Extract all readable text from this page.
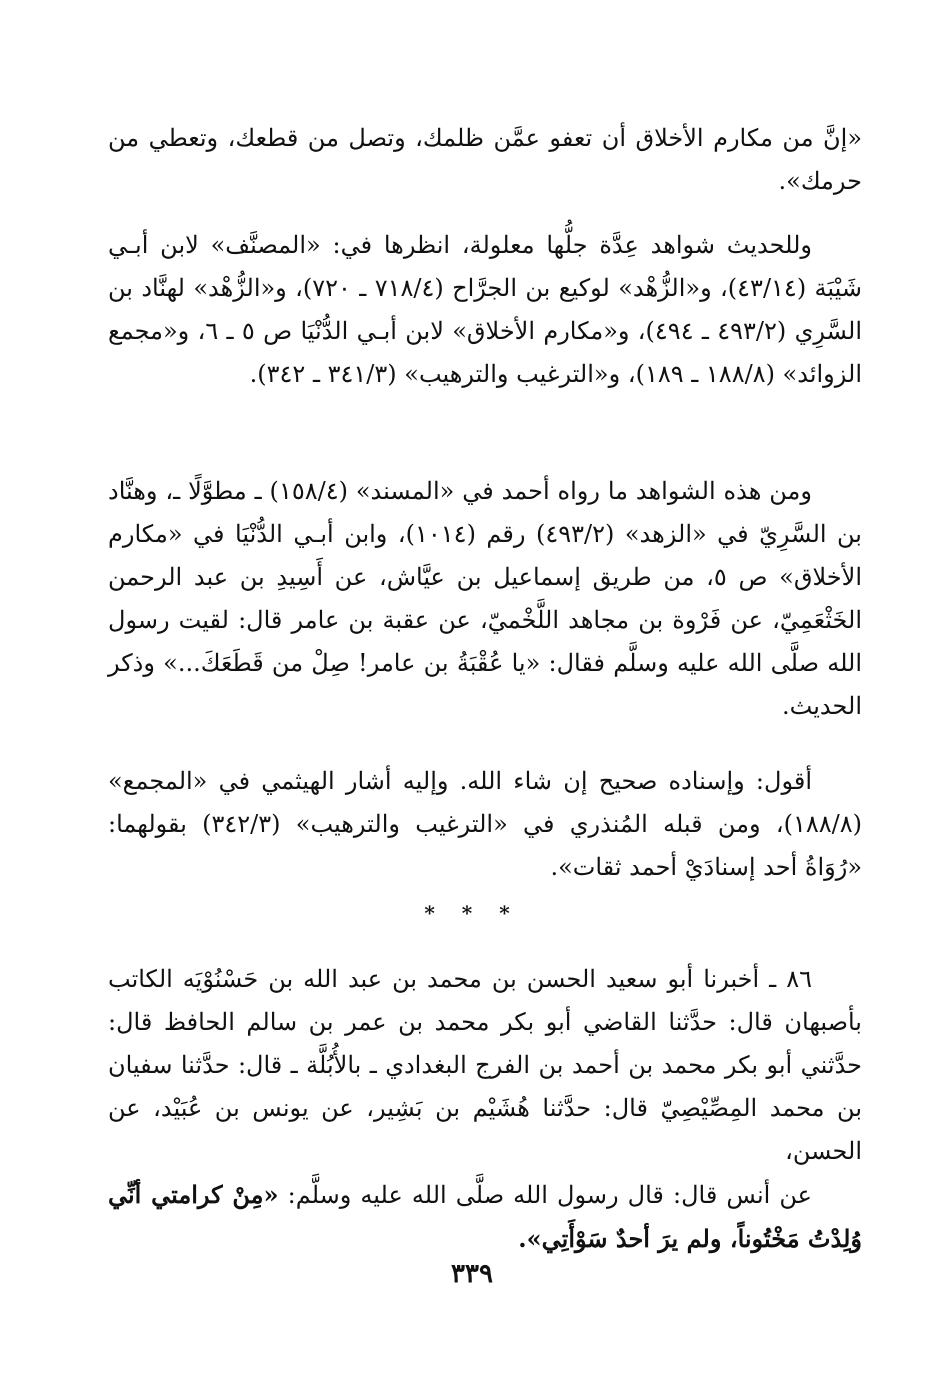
«إنَّ من مكارم الأخلاق أن تعفو عمَّن ظلمك، وتصل من قطعك، وتعطي من حرمك».

وللحديث شواهد عِدَّة جلُّها معلولة، انظرها في: «المصنَّف» لابن أبـي شَيْبَة (٤٣/١٤)، و«الزُّهْد» لوكيع بن الجرَّاح (٧١٨/٤ ـ ٧٢٠)، و«الزُّهْد» لهنَّاد بن السَّرِي (٤٩٣/٢ ـ ٤٩٤)، و«مكارم الأخلاق» لابن أبـي الدُّنْيَا ص ٥ ـ ٦، و«مجمع الزوائد» (١٨٨/٨ ـ ١٨٩)، و«الترغيب والترهيب» (٣٤١/٣ ـ ٣٤٢).

ومن هذه الشواهد ما رواه أحمد في «المسند» (١٥٨/٤) ـ مطوَّلًا ـ، وهنَّاد بن السَّرِيّ في «الزهد» (٤٩٣/٢) رقم (١٠١٤)، وابن أبـي الدُّنْيَا في «مكارم الأخلاق» ص ٥، من طريق إسماعيل بن عيَّاش، عن أَسِيدِ بن عبد الرحمن الخَثْعَمِيّ، عن فَرْوة بن مجاهد اللَّخْميّ، عن عقبة بن عامر قال: لقيت رسول الله صلَّى الله عليه وسلَّم فقال: «يا عُقْبَةُ بن عامر! صِلْ من قَطَعَكَ...» وذكر الحديث.

أقول: وإسناده صحيح إن شاء الله. وإليه أشار الهيثمي في «المجمع» (١٨٨/٨)، ومن قبله المُنذري في «الترغيب والترهيب» (٣٤٢/٣) بقولهما: «رُوَاةُ أحد إسنادَيْ أحمد ثقات».

* * *
٨٦ ـ أخبرنا أبو سعيد الحسن بن محمد بن عبد الله بن حَسْنُوْيَه الكاتب بأصبهان قال: حدَّثنا القاضي أبو بكر محمد بن عمر بن سالم الحافظ قال: حدَّثني أبو بكر محمد بن أحمد بن الفرج البغدادي ـ بالأُبُلَّة ـ قال: حدَّثنا سفيان بن محمد المِصِّيْصِيّ قال: حدَّثنا هُشَيْم بن بَشِير، عن يونس بن عُبَيْد، عن الحسن،
عن أنس قال: قال رسول الله صلَّى الله عليه وسلَّم: «مِنْ كرامتي أنِّي وُلِدْتُ مَخْتُوناً، ولم يرَ أحدٌ سَوْأَتِي».
٣٣٩
